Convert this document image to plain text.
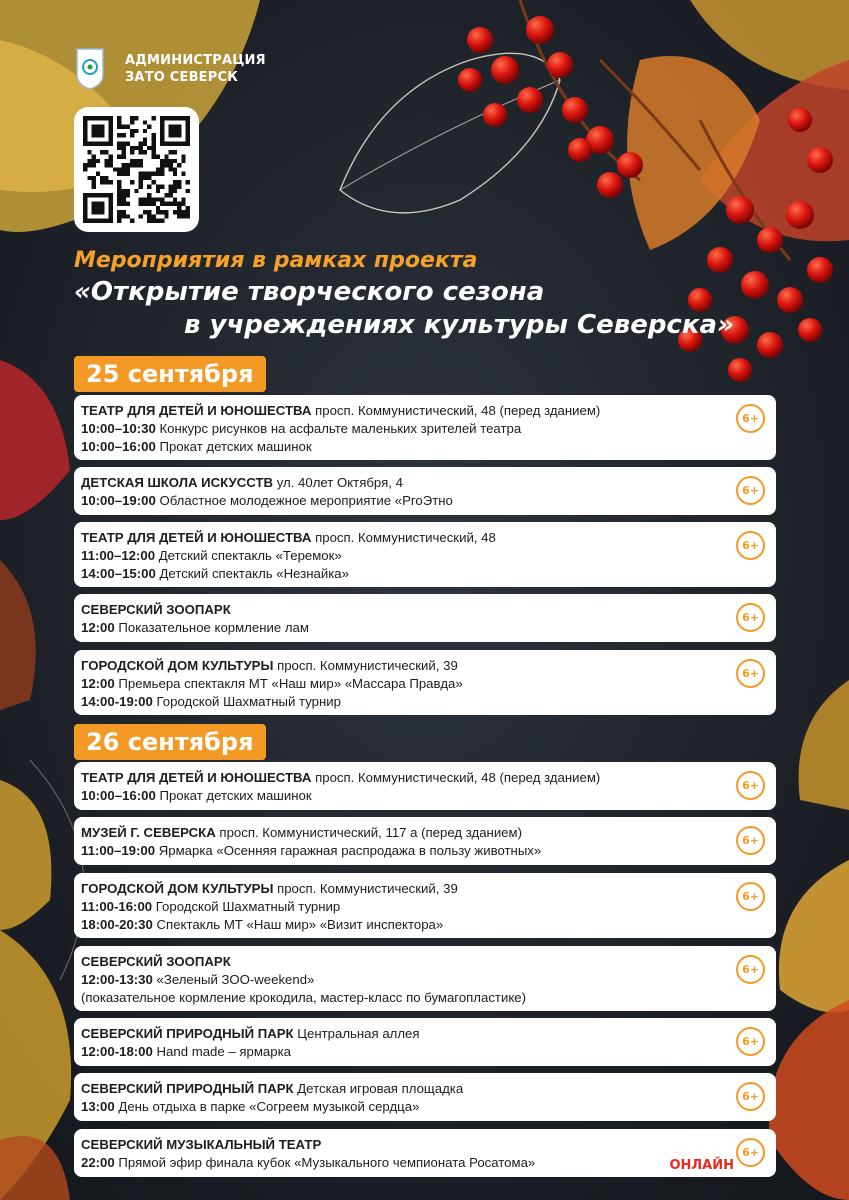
АДМИНИСТРАЦИЯ
ЗАТО СЕВЕРСК
Мероприятия в рамках проекта
«Открытие творческого сезона
в учреждениях культуры Северска»
25 сентября
ТЕАТР ДЛЯ ДЕТЕЙ И ЮНОШЕСТВА просп. Коммунистический, 48 (перед зданием)
10:00–10:30 Конкурс рисунков на асфальте маленьких зрителей театра
10:00–16:00 Прокат детских машинок
6+
ДЕТСКАЯ ШКОЛА ИСКУССТВ ул. 40лет Октября, 4
10:00–19:00 Областное молодежное мероприятие «РгоЭтно
6+
ТЕАТР ДЛЯ ДЕТЕЙ И ЮНОШЕСТВА просп. Коммунистический, 48
11:00–12:00 Детский спектакль «Теремок»
14:00–15:00 Детский спектакль «Незнайка»
6+
СЕВЕРСКИЙ ЗООПАРК
12:00 Показательное кормление лам
6+
ГОРОДСКОЙ ДОМ КУЛЬТУРЫ просп. Коммунистический, 39
12:00 Премьера спектакля МТ «Наш мир» «Массара Правда»
14:00-19:00 Городской Шахматный турнир
6+
26 сентября
ТЕАТР ДЛЯ ДЕТЕЙ И ЮНОШЕСТВА просп. Коммунистический, 48 (перед зданием)
10:00–16:00 Прокат детских машинок
6+
МУЗЕЙ Г. СЕВЕРСКА просп. Коммунистический, 117 а (перед зданием)
11:00–19:00 Ярмарка «Осенняя гаражная распродажа в пользу животных»
6+
ГОРОДСКОЙ ДОМ КУЛЬТУРЫ просп. Коммунистический, 39
11:00-16:00 Городской Шахматный турнир
18:00-20:30 Спектакль МТ «Наш мир» «Визит инспектора»
6+
СЕВЕРСКИЙ ЗООПАРК
12:00-13:30 «Зеленый ЗОО-weekend»
(показательное кормление крокодила, мастер-класс по бумагопластике)
6+
СЕВЕРСКИЙ ПРИРОДНЫЙ ПАРК Центральная аллея
12:00-18:00 Hand made – ярмарка
6+
СЕВЕРСКИЙ ПРИРОДНЫЙ ПАРК Детская игровая площадка
13:00 День отдыха в парке «Согреем музыкой сердца»
6+
СЕВЕРСКИЙ МУЗЫКАЛЬНЫЙ ТЕАТР
22:00 Прямой эфир финала кубок «Музыкального чемпионата Росатома»
6+
ОНЛАЙН
